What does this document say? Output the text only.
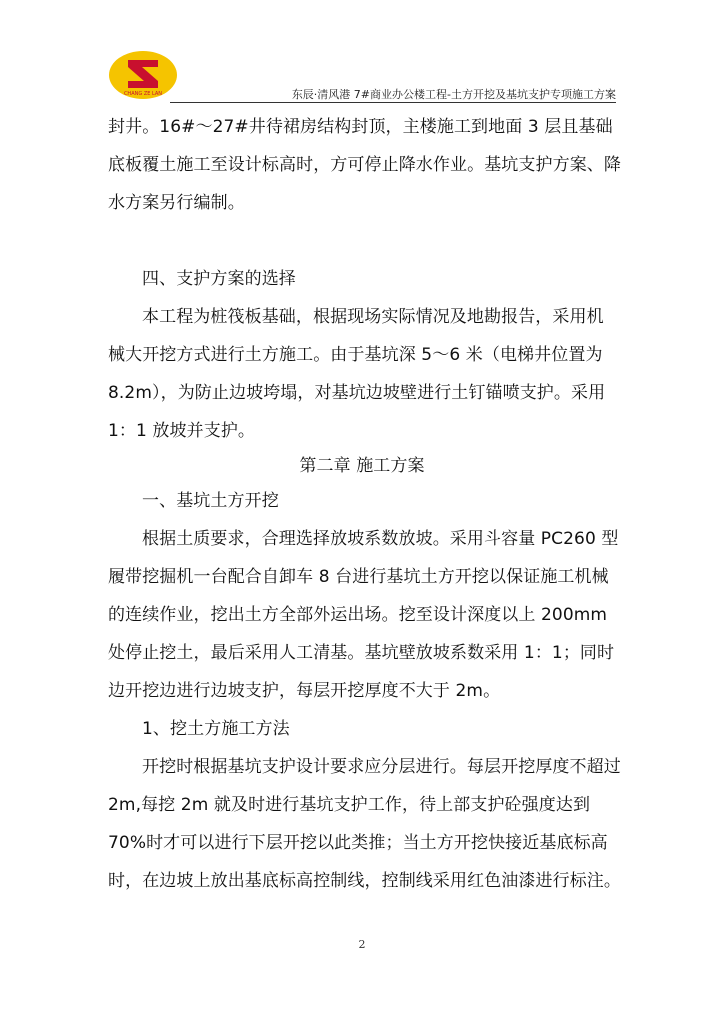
CHANG ZE LAN	东辰·清风港 7#商业办公楼工程-土方开挖及基坑支护专项施工方案
封井。16#～27#井待裙房结构封顶，主楼施工到地面 3 层且基础
底板覆土施工至设计标高时，方可停止降水作业。基坑支护方案、降
水方案另行编制。
四、支护方案的选择
本工程为桩筏板基础，根据现场实际情况及地勘报告，采用机
械大开挖方式进行土方施工。由于基坑深 5～6 米（电梯井位置为
8.2m），为防止边坡垮塌，对基坑边坡壁进行土钉锚喷支护。采用
1：1 放坡并支护。
第二章 施工方案
一、基坑土方开挖
根据土质要求，合理选择放坡系数放坡。采用斗容量 PC260 型
履带挖掘机一台配合自卸车 8 台进行基坑土方开挖以保证施工机械
的连续作业，挖出土方全部外运出场。挖至设计深度以上 200mm
处停止挖土，最后采用人工清基。基坑壁放坡系数采用 1：1；同时
边开挖边进行边坡支护，每层开挖厚度不大于 2m。
1、挖土方施工方法
开挖时根据基坑支护设计要求应分层进行。每层开挖厚度不超过
2m,每挖 2m 就及时进行基坑支护工作，待上部支护砼强度达到
70%时才可以进行下层开挖以此类推；当土方开挖快接近基底标高
时，在边坡上放出基底标高控制线，控制线采用红色油漆进行标注。
2
